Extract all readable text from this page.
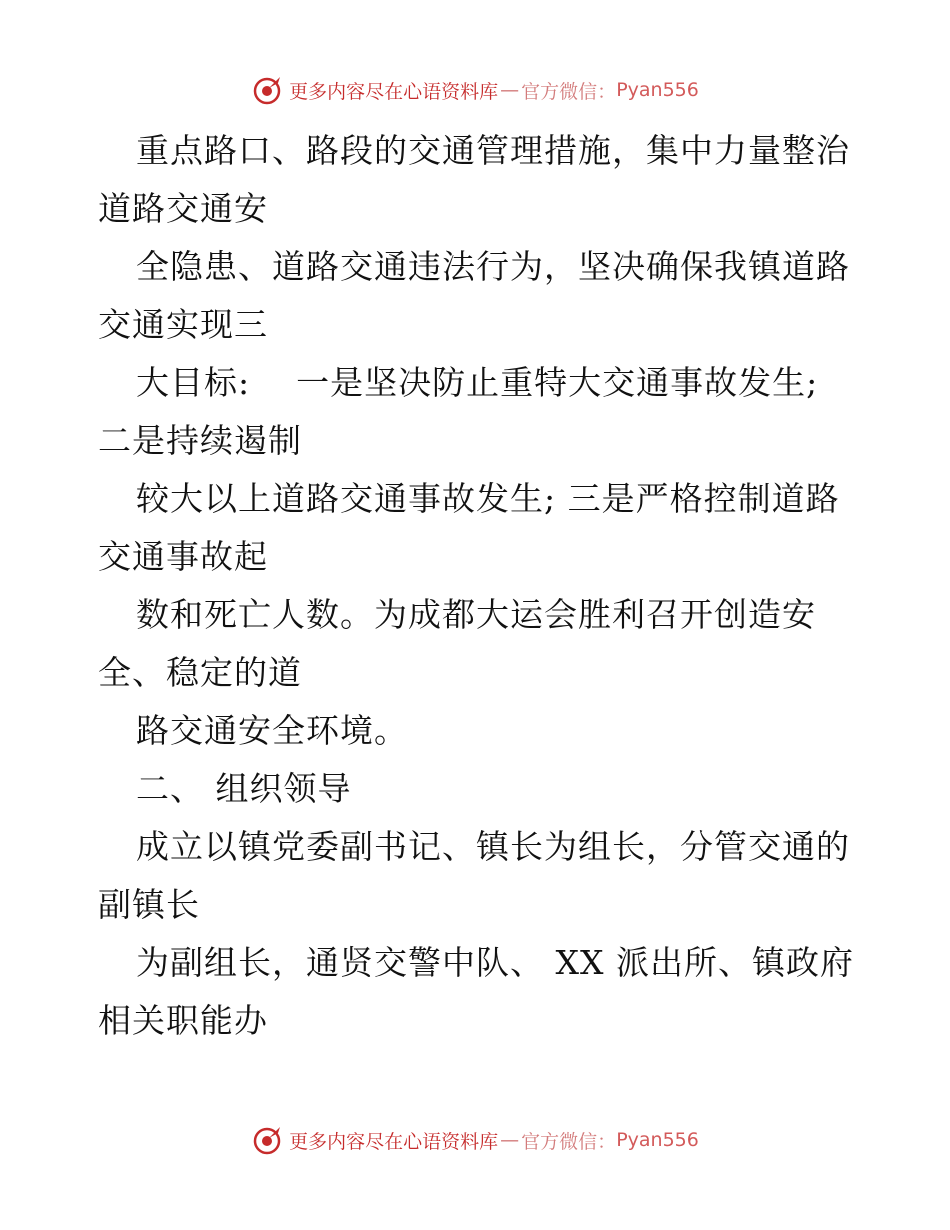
更多内容尽在心语资料库 — 官方微信： Pyan556
重点路口、路段的交通管理措施，集中力量整治
道路交通安
全隐患、道路交通违法行为，坚决确保我镇道路
交通实现三
大目标:    一是坚决防止重特大交通事故发生;
二是持续遏制
较大以上道路交通事故发生; 三是严格控制道路
交通事故起
数和死亡人数。为成都大运会胜利召开创造安
全、稳定的道
路交通安全环境。
二、 组织领导
成立以镇党委副书记、镇长为组长，分管交通的
副镇长
为副组长，通贤交警中队、 XX 派出所、镇政府
相关职能办
更多内容尽在心语资料库 — 官方微信： Pyan556
